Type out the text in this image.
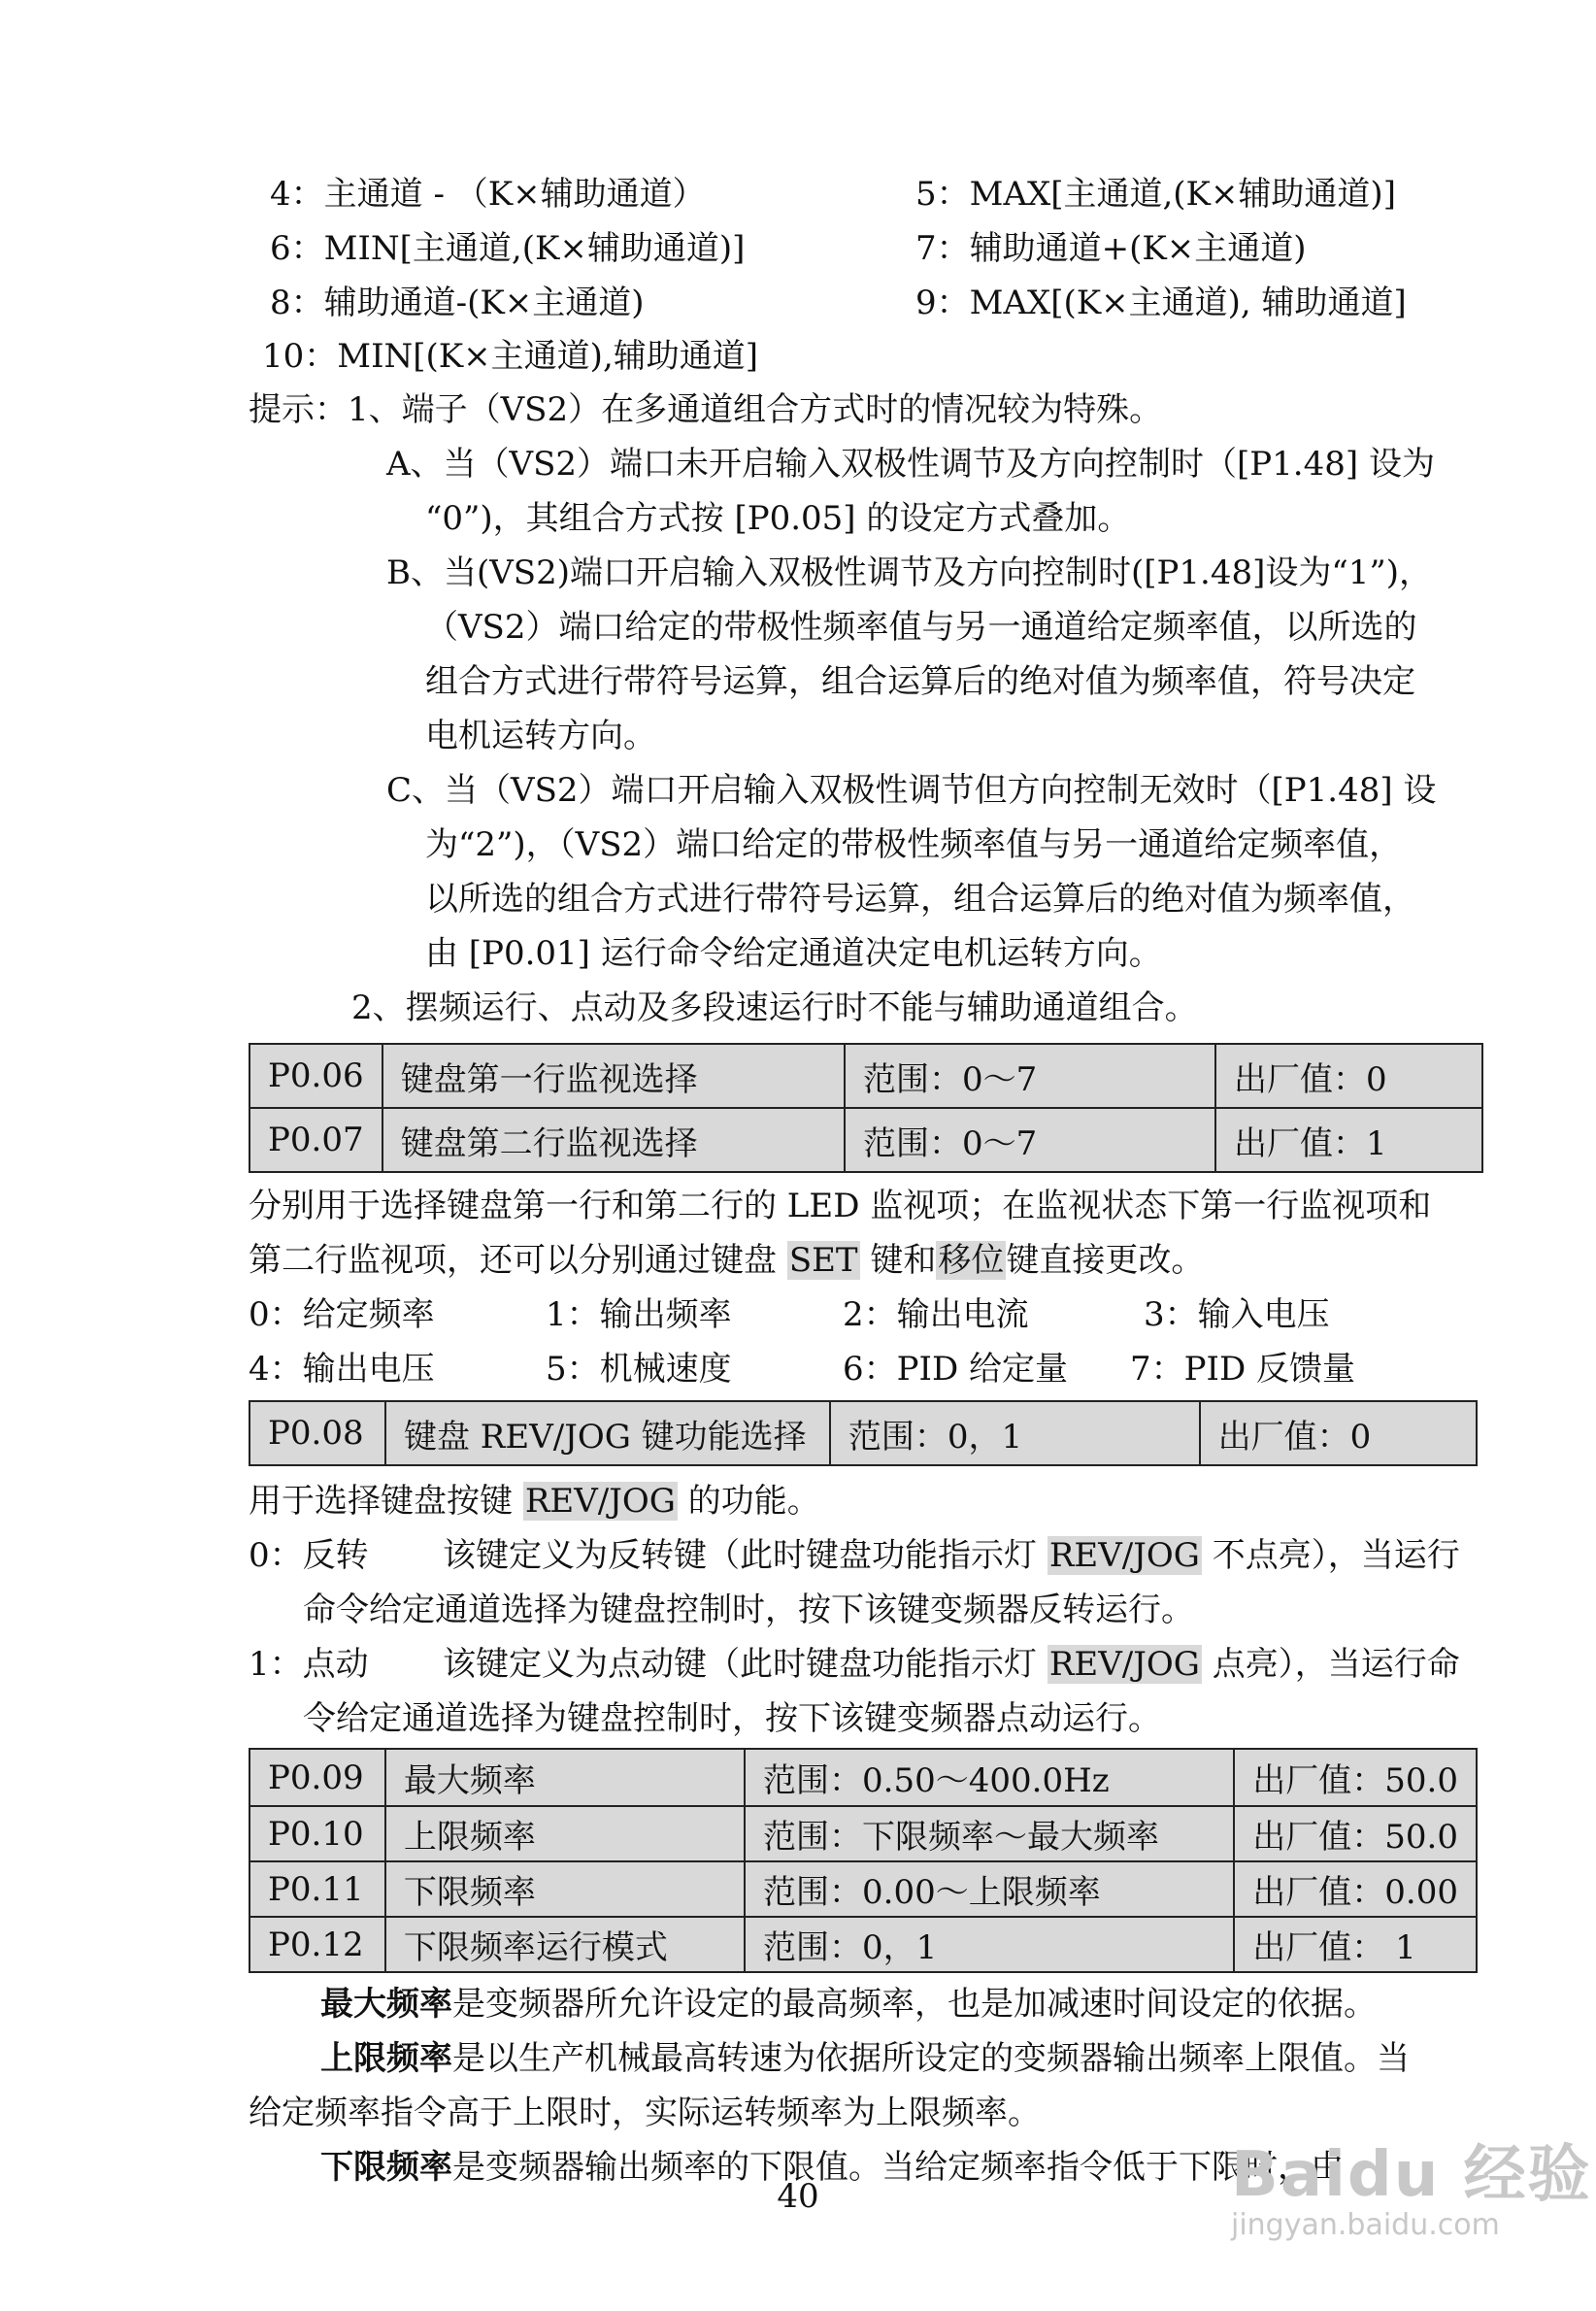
4：主通道 - （K×辅助通道）	5：MAX[主通道,(K×辅助通道)]
6：MIN[主通道,(K×辅助通道)]	7：辅助通道+(K×主通道)
8：辅助通道-(K×主通道)	9：MAX[(K×主通道), 辅助通道]
10：MIN[(K×主通道),辅助通道]
提示：1、端子（VS2）在多通道组合方式时的情况较为特殊。
A、当（VS2）端口未开启输入双极性调节及方向控制时（[P1.48] 设为
“0”)，其组合方式按 [P0.05] 的设定方式叠加。
B、当(VS2)端口开启输入双极性调节及方向控制时([P1.48]设为“1”)，
（VS2）端口给定的带极性频率值与另一通道给定频率值，以所选的
组合方式进行带符号运算，组合运算后的绝对值为频率值，符号决定
电机运转方向。
C、当（VS2）端口开启输入双极性调节但方向控制无效时（[P1.48] 设
为“2”)，（VS2）端口给定的带极性频率值与另一通道给定频率值，
以所选的组合方式进行带符号运算，组合运算后的绝对值为频率值，
由 [P0.01] 运行命令给定通道决定电机运转方向。
2、摆频运行、点动及多段速运行时不能与辅助通道组合。
P0.06	键盘第一行监视选择	范围：0～7	出厂值：0
P0.07	键盘第二行监视选择	范围：0～7	出厂值：1
分别用于选择键盘第一行和第二行的 LED 监视项；在监视状态下第一行监视项和
第二行监视项，还可以分别通过键盘 SET 键和移位键直接更改。
0：给定频率	1：输出频率	2：输出电流	3：输入电压
4：输出电压	5：机械速度	6：PID 给定量 7：PID 反馈量
P0.08	键盘 REV/JOG 键功能选择	范围：0，1	出厂值：0
用于选择键盘按键 REV/JOG 的功能。
0：反转 该键定义为反转键（此时键盘功能指示灯 REV/JOG 不点亮），当运行
命令给定通道选择为键盘控制时，按下该键变频器反转运行。
1：点动 该键定义为点动键（此时键盘功能指示灯 REV/JOG 点亮），当运行命
令给定通道选择为键盘控制时，按下该键变频器点动运行。
P0.09	最大频率	范围：0.50～400.0Hz	出厂值：50.0
P0.10	上限频率	范围：下限频率～最大频率	出厂值：50.0
P0.11	下限频率	范围：0.00～上限频率	出厂值：0.00
P0.12	下限频率运行模式	范围：0，1	出厂值： 1
最大频率是变频器所允许设定的最高频率，也是加减速时间设定的依据。
上限频率是以生产机械最高转速为依据所设定的变频器输出频率上限值。当
给定频率指令高于上限时，实际运转频率为上限频率。
下限频率是变频器输出频率的下限值。当给定频率指令低于下限时，由
40	Baidu 经验
jingyan.baidu.com
